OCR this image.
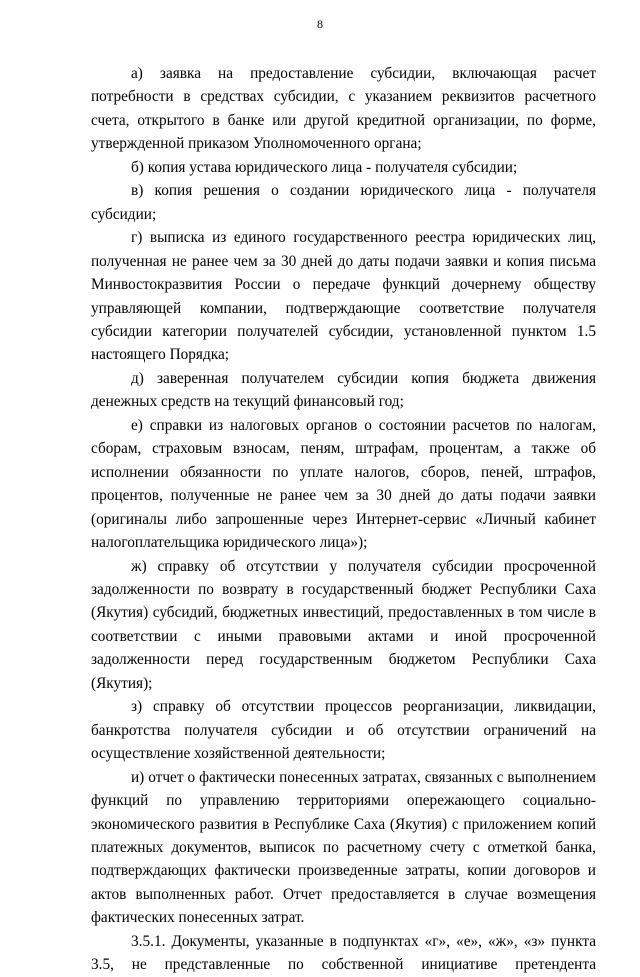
8

а) заявка на предоставление субсидии, включающая расчет потребности в средствах субсидии, с указанием реквизитов расчетного счета, открытого в банке или другой кредитной организации, по форме, утвержденной приказом Уполномоченного органа;

б) копия устава юридического лица - получателя субсидии;

в) копия решения о создании юридического лица - получателя субсидии;

г) выписка из единого государственного реестра юридических лиц, полученная не ранее чем за 30 дней до даты подачи заявки и копия письма Минвостокразвития России о передаче функций дочернему обществу управляющей компании, подтверждающие соответствие получателя субсидии категории получателей субсидии, установленной пунктом 1.5 настоящего Порядка;

д) заверенная получателем субсидии копия бюджета движения денежных средств на текущий финансовый год;

е) справки из налоговых органов о состоянии расчетов по налогам, сборам, страховым взносам, пеням, штрафам, процентам, а также об исполнении обязанности по уплате налогов, сборов, пеней, штрафов, процентов, полученные не ранее чем за 30 дней до даты подачи заявки (оригиналы либо запрошенные через Интернет-сервис «Личный кабинет налогоплательщика юридического лица»);

ж) справку об отсутствии у получателя субсидии просроченной задолженности по возврату в государственный бюджет Республики Саха (Якутия) субсидий, бюджетных инвестиций, предоставленных в том числе в соответствии с иными правовыми актами и иной просроченной задолженности перед государственным бюджетом Республики Саха (Якутия);

з) справку об отсутствии процессов реорганизации, ликвидации, банкротства получателя субсидии и об отсутствии ограничений на осуществление хозяйственной деятельности;

и) отчет о фактически понесенных затратах, связанных с выполнением функций по управлению территориями опережающего социально-экономического развития в Республике Саха (Якутия) с приложением копий платежных документов, выписок по расчетному счету с отметкой банка, подтверждающих фактически произведенные затраты, копии договоров и актов выполненных работ. Отчет предоставляется в случае возмещения фактических понесенных затрат.

3.5.1. Документы, указанные в подпунктах «г», «е», «ж», «з» пункта 3.5, не представленные по собственной инициативе претендента
